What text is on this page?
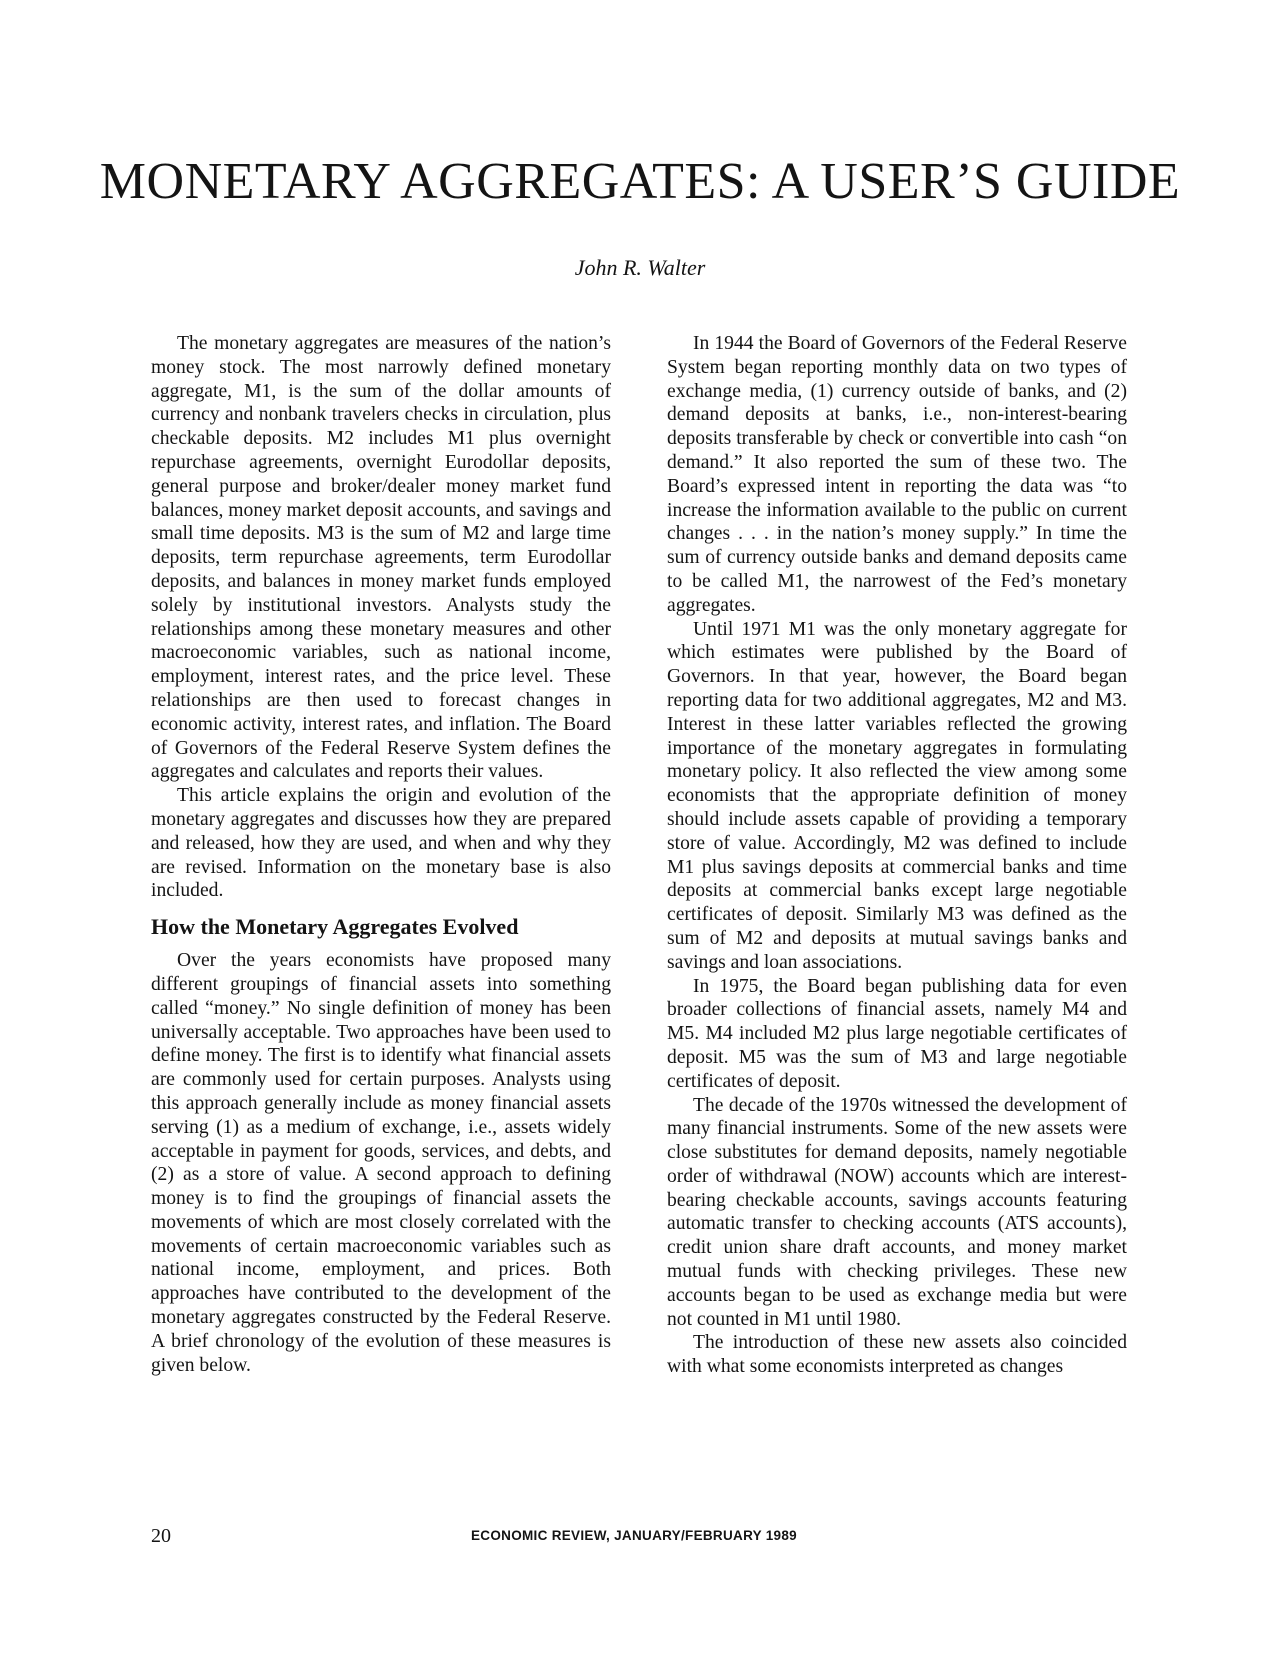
MONETARY AGGREGATES: A USER’S GUIDE
John R. Walter

The monetary aggregates are measures of the nation’s money stock. The most narrowly defined monetary aggregate, M1, is the sum of the dollar amounts of currency and nonbank travelers checks in circulation, plus checkable deposits. M2 includes M1 plus overnight repurchase agreements, overnight Eurodollar deposits, general purpose and broker/dealer money market fund balances, money market deposit accounts, and savings and small time deposits. M3 is the sum of M2 and large time deposits, term repurchase agreements, term Eurodollar deposits, and balances in money market funds employed solely by institutional investors. Analysts study the relationships among these monetary measures and other macroeconomic variables, such as national income, employment, interest rates, and the price level. These relationships are then used to forecast changes in economic activity, interest rates, and inflation. The Board of Governors of the Federal Reserve System defines the aggregates and calculates and reports their values.

This article explains the origin and evolution of the monetary aggregates and discusses how they are prepared and released, how they are used, and when and why they are revised. Information on the monetary base is also included.

How the Monetary Aggregates Evolved

Over the years economists have proposed many different groupings of financial assets into something called “money.” No single definition of money has been universally acceptable. Two approaches have been used to define money. The first is to identify what financial assets are commonly used for certain purposes. Analysts using this approach generally include as money financial assets serving (1) as a medium of exchange, i.e., assets widely acceptable in payment for goods, services, and debts, and (2) as a store of value. A second approach to defining money is to find the groupings of financial assets the movements of which are most closely correlated with the movements of certain macroeconomic variables such as national income, employment, and prices. Both approaches have contributed to the development of the monetary aggregates constructed by the Federal Reserve. A brief chronology of the evolution of these measures is given below.

In 1944 the Board of Governors of the Federal Reserve System began reporting monthly data on two types of exchange media, (1) currency outside of banks, and (2) demand deposits at banks, i.e., non-interest-bearing deposits transferable by check or convertible into cash “on demand.” It also reported the sum of these two. The Board’s expressed intent in reporting the data was “to increase the information available to the public on current changes . . . in the nation’s money supply.” In time the sum of currency outside banks and demand deposits came to be called M1, the narrowest of the Fed’s monetary aggregates.

Until 1971 M1 was the only monetary aggregate for which estimates were published by the Board of Governors. In that year, however, the Board began reporting data for two additional aggregates, M2 and M3. Interest in these latter variables reflected the growing importance of the monetary aggregates in formulating monetary policy. It also reflected the view among some economists that the appropriate definition of money should include assets capable of providing a temporary store of value. Accordingly, M2 was defined to include M1 plus savings deposits at commercial banks and time deposits at commercial banks except large negotiable certificates of deposit. Similarly M3 was defined as the sum of M2 and deposits at mutual savings banks and savings and loan associations.

In 1975, the Board began publishing data for even broader collections of financial assets, namely M4 and M5. M4 included M2 plus large negotiable certificates of deposit. M5 was the sum of M3 and large negotiable certificates of deposit.

The decade of the 1970s witnessed the development of many financial instruments. Some of the new assets were close substitutes for demand deposits, namely negotiable order of withdrawal (NOW) accounts which are interest-bearing checkable accounts, savings accounts featuring automatic transfer to checking accounts (ATS accounts), credit union share draft accounts, and money market mutual funds with checking privileges. These new accounts began to be used as exchange media but were not counted in M1 until 1980.

The introduction of these new assets also coincided with what some economists interpreted as changes

20	ECONOMIC REVIEW, JANUARY/FEBRUARY 1989
